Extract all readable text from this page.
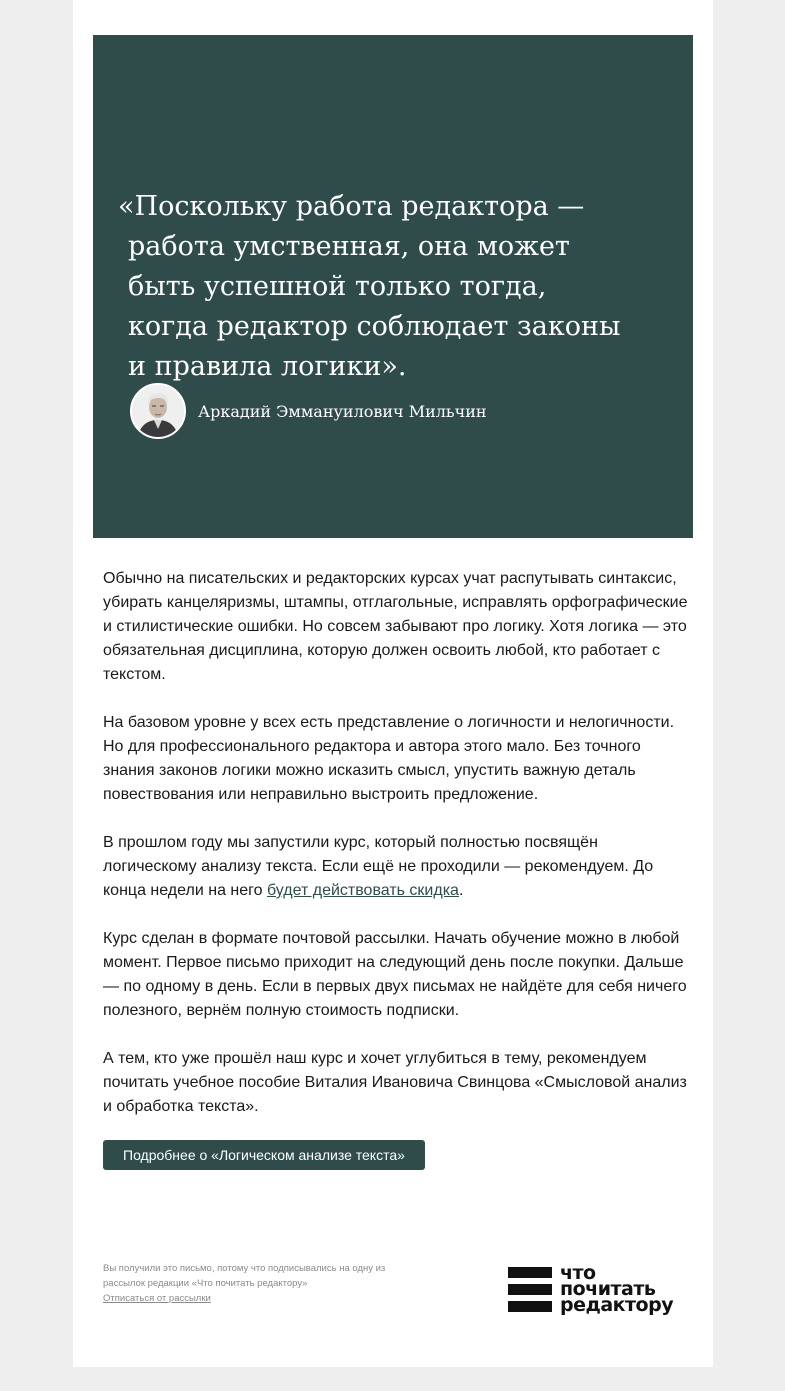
«Поскольку работа редактора —
работа умственная, она может
быть успешной только тогда,
когда редактор соблюдает законы
и правила логики».

Аркадий Эммануилович Мильчин

Обычно на писательских и редакторских курсах учат распутывать синтаксис, убирать канцеляризмы, штампы, отглагольные, исправлять орфографические и стилистические ошибки. Но совсем забывают про логику. Хотя логика — это обязательная дисциплина, которую должен освоить любой, кто работает с текстом.

На базовом уровне у всех есть представление о логичности и нелогичности. Но для профессионального редактора и автора этого мало. Без точного знания законов логики можно исказить смысл, упустить важную деталь повествования или неправильно выстроить предложение.

В прошлом году мы запустили курс, который полностью посвящён логическому анализу текста. Если ещё не проходили — рекомендуем. До конца недели на него будет действовать скидка.

Курс сделан в формате почтовой рассылки. Начать обучение можно в любой момент. Первое письмо приходит на следующий день после покупки. Дальше — по одному в день. Если в первых двух письмах не найдёте для себя ничего полезного, вернём полную стоимость подписки.

А тем, кто уже прошёл наш курс и хочет углубиться в тему, рекомендуем почитать учебное пособие Виталия Ивановича Свинцова «Смысловой анализ и обработка текста».

Подробнее о «Логическом анализе текста»
Вы получили это письмо, потому что подписывались на одну из рассылок редакции «Что почитать редактору»
Отписаться от рассылки
что
почитать
редактору
